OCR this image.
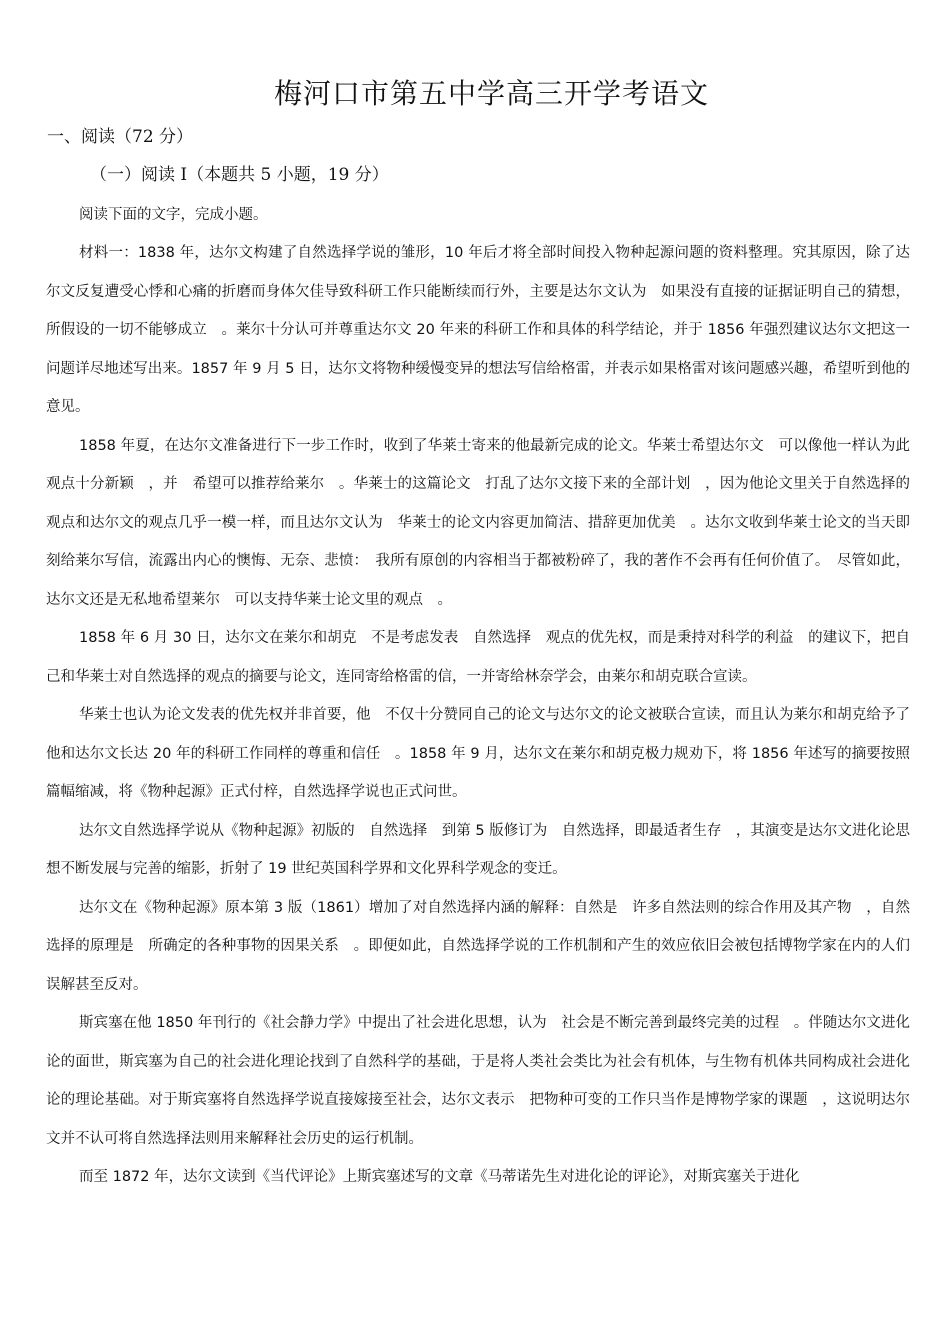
梅河口市第五中学高三开学考语文
一、阅读（72 分）
（一）阅读 I（本题共 5 小题，19 分）
阅读下面的文字，完成小题。

材料一：1838 年，达尔文构建了自然选择学说的雏形，10 年后才将全部时间投入物种起源问题的资料整理。究其原因，除了达尔文反复遭受心悸和心痛的折磨而身体欠佳导致科研工作只能断续而行外，主要是达尔文认为　如果没有直接的证据证明自己的猜想，所假设的一切不能够成立　。莱尔十分认可并尊重达尔文 20 年来的科研工作和具体的科学结论，并于 1856 年强烈建议达尔文把这一问题详尽地述写出来。1857 年 9 月 5 日，达尔文将物种缓慢变异的想法写信给格雷，并表示如果格雷对该问题感兴趣，希望听到他的意见。

1858 年夏，在达尔文准备进行下一步工作时，收到了华莱士寄来的他最新完成的论文。华莱士希望达尔文　可以像他一样认为此观点十分新颖　，并　希望可以推荐给莱尔　。华莱士的这篇论文　打乱了达尔文接下来的全部计划　，因为他论文里关于自然选择的观点和达尔文的观点几乎一模一样，而且达尔文认为　华莱士的论文内容更加简洁、措辞更加优美　。达尔文收到华莱士论文的当天即刻给莱尔写信，流露出内心的懊悔、无奈、悲愤：　我所有原创的内容相当于都被粉碎了，我的著作不会再有任何价值了。　尽管如此，达尔文还是无私地希望莱尔　可以支持华莱士论文里的观点　。

1858 年 6 月 30 日，达尔文在莱尔和胡克　不是考虑发表　自然选择　观点的优先权，而是秉持对科学的利益　的建议下，把自己和华莱士对自然选择的观点的摘要与论文，连同寄给格雷的信，一并寄给林奈学会，由莱尔和胡克联合宣读。

华莱士也认为论文发表的优先权并非首要，他　不仅十分赞同自己的论文与达尔文的论文被联合宣读，而且认为莱尔和胡克给予了他和达尔文长达 20 年的科研工作同样的尊重和信任　。1858 年 9 月，达尔文在莱尔和胡克极力规劝下，将 1856 年述写的摘要按照篇幅缩减，将《物种起源》正式付梓，自然选择学说也正式问世。

达尔文自然选择学说从《物种起源》初版的　自然选择　到第 5 版修订为　自然选择，即最适者生存　，其演变是达尔文进化论思想不断发展与完善的缩影，折射了 19 世纪英国科学界和文化界科学观念的变迁。

达尔文在《物种起源》原本第 3 版（1861）增加了对自然选择内涵的解释：自然是　许多自然法则的综合作用及其产物　，自然选择的原理是　所确定的各种事物的因果关系　。即便如此，自然选择学说的工作机制和产生的效应依旧会被包括博物学家在内的人们误解甚至反对。

斯宾塞在他 1850 年刊行的《社会静力学》中提出了社会进化思想，认为　社会是不断完善到最终完美的过程　。伴随达尔文进化论的面世，斯宾塞为自己的社会进化理论找到了自然科学的基础，于是将人类社会类比为社会有机体，与生物有机体共同构成社会进化论的理论基础。对于斯宾塞将自然选择学说直接嫁接至社会，达尔文表示　把物种可变的工作只当作是博物学家的课题　，这说明达尔文并不认可将自然选择法则用来解释社会历史的运行机制。

而至 1872 年，达尔文读到《当代评论》上斯宾塞述写的文章《马蒂诺先生对进化论的评论》，对斯宾塞关于进化
